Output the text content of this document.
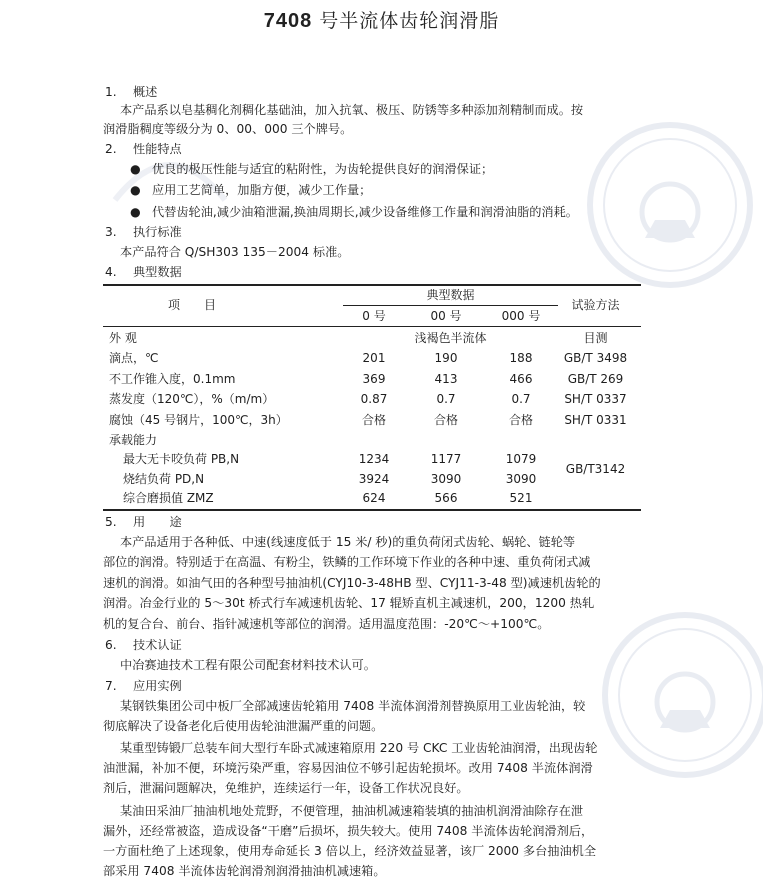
7408 号半流体齿轮润滑脂
1. 概述
本产品系以皂基稠化剂稠化基础油，加入抗氧、极压、防锈等多种添加剂精制而成。按
润滑脂稠度等级分为 0、00、000 三个牌号。
2. 性能特点
● 优良的极压性能与适宜的粘附性，为齿轮提供良好的润滑保证；
● 应用工艺简单，加脂方便，减少工作量；
● 代替齿轮油,减少油箱泄漏,换油周期长,减少设备维修工作量和润滑油脂的消耗。
3. 执行标准
本产品符合 Q/SH303 135－2004 标准。
4. 典型数据
项　　目
典型数据
试验方法
0 号	00 号	000 号
外 观	浅褐色半流体	目测
滴点，℃	201	190	188	GB/T 3498
不工作锥入度，0.1mm	369	413	466	GB/T 269
蒸发度（120℃），%（m/m）	0.87	0.7	0.7	SH/T 0337
腐蚀（45 号钢片，100℃，3h）	合格	合格	合格	SH/T 0331
承载能力
最大无卡咬负荷 PB,N	1234	1177	1079
烧结负荷 PD,N	3924	3090	3090
综合磨损值 ZMZ	624	566	521
GB/T3142
5. 用　　途
本产品适用于各种低、中速(线速度低于 15 米/ 秒)的重负荷闭式齿轮、蜗轮、链轮等
部位的润滑。特别适于在高温、有粉尘，铁鳞的工作环境下作业的各种中速、重负荷闭式减
速机的润滑。如油气田的各种型号抽油机(CYJ10-3-48HB 型、CYJ11-3-48 型)减速机齿轮的
润滑。冶金行业的 5～30t 桥式行车减速机齿轮、17 辊矫直机主减速机，200，1200 热轧
机的复合台、前台、指针减速机等部位的润滑。适用温度范围：-20℃～+100℃。
6. 技术认证
中冶赛迪技术工程有限公司配套材料技术认可。
7. 应用实例
某钢铁集团公司中板厂全部减速齿轮箱用 7408 半流体润滑剂替换原用工业齿轮油，较
彻底解决了设备老化后使用齿轮油泄漏严重的问题。
某重型铸锻厂总装车间大型行车卧式减速箱原用 220 号 CKC 工业齿轮油润滑，出现齿轮
油泄漏，补加不便，环境污染严重，容易因油位不够引起齿轮损坏。改用 7408 半流体润滑
剂后，泄漏问题解决，免维护，连续运行一年，设备工作状况良好。
某油田采油厂抽油机地处荒野，不便管理，抽油机减速箱装填的抽油机润滑油除存在泄
漏外，还经常被盗，造成设备“干磨”后损坏，损失较大。使用 7408 半流体齿轮润滑剂后，
一方面杜绝了上述现象，使用寿命延长 3 倍以上，经济效益显著，该厂 2000 多台抽油机全
部采用 7408 半流体齿轮润滑剂润滑抽油机减速箱。
